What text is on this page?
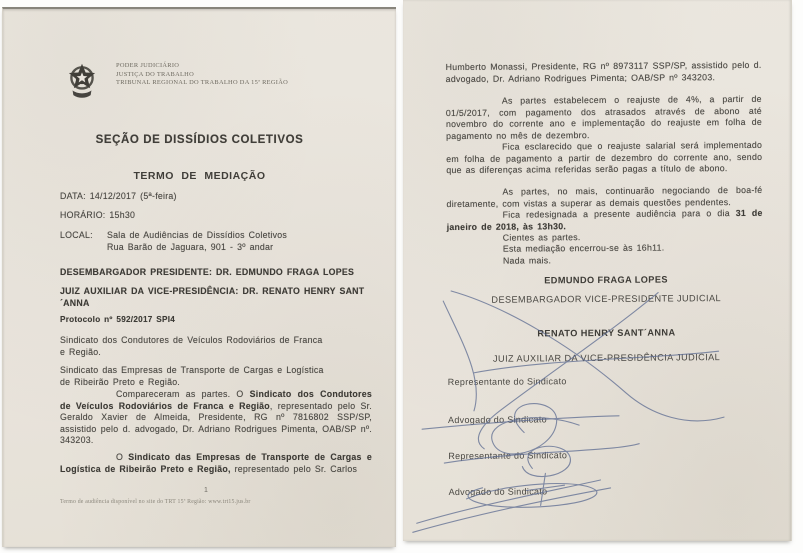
PODER JUDICIÁRIO
JUSTIÇA DO TRABALHO
TRIBUNAL REGIONAL DO TRABALHO DA 15ª REGIÃO
SEÇÃO DE DISSÍDIOS COLETIVOS
TERMO DE MEDIAÇÃO
DATA: 14/12/2017 (5ª-feira)
HORÁRIO: 15h30
LOCAL: Sala de Audiências de Dissídios Coletivos
Rua Barão de Jaguara, 901 - 3º andar
DESEMBARGADOR PRESIDENTE: DR. EDMUNDO FRAGA LOPES
JUIZ AUXILIAR DA VICE-PRESIDÊNCIA: DR. RENATO HENRY SANT
´ANNA
Protocolo nº 592/2017 SPI4
Sindicato dos Condutores de Veículos Rodoviários de Franca
e Região.
Sindicato das Empresas de Transporte de Cargas e Logística
de Ribeirão Preto e Região.

Compareceram as partes. O Sindicato dos Condutores de Veículos Rodoviários de Franca e Região, representado pelo Sr. Geraldo Xavier de Almeida, Presidente, RG nº 7816802 SSP/SP, assistido pelo d. advogado, Dr. Adriano Rodrigues Pimenta, OAB/SP nº. 343203.

O Sindicato das Empresas de Transporte de Cargas e Logística de Ribeirão Preto e Região, representado pelo Sr. Carlos

1
Termo de audiência disponível no site do TRT 15ª Região: www.trt15.jus.br

Humberto Monassi, Presidente, RG nº 8973117 SSP/SP, assistido pelo d. advogado, Dr. Adriano Rodrigues Pimenta; OAB/SP nº 343203.

As partes estabelecem o reajuste de 4%, a partir de 01/5/2017, com pagamento dos atrasados através de abono até novembro do corrente ano e implementação do reajuste em folha de pagamento no mês de dezembro.

Fica esclarecido que o reajuste salarial será implementado em folha de pagamento a partir de dezembro do corrente ano, sendo que as diferenças acima referidas serão pagas a título de abono.

As partes, no mais, continuarão negociando de boa-fé diretamente, com vistas a superar as demais questões pendentes.

Fica redesignada a presente audiência para o dia 31 de janeiro de 2018, às 13h30.

Cientes as partes.

Esta mediação encerrou-se às 16h11.

Nada mais.

EDMUNDO FRAGA LOPES
DESEMBARGADOR VICE-PRESIDENTE JUDICIAL
RENATO HENRY SANT´ANNA
JUIZ AUXILIAR DA VICE-PRESIDÊNCIA JUDICIAL
Representante do Sindicato
Advogado do Sindicato
Representante do Sindicato
Advogado do Sindicato
